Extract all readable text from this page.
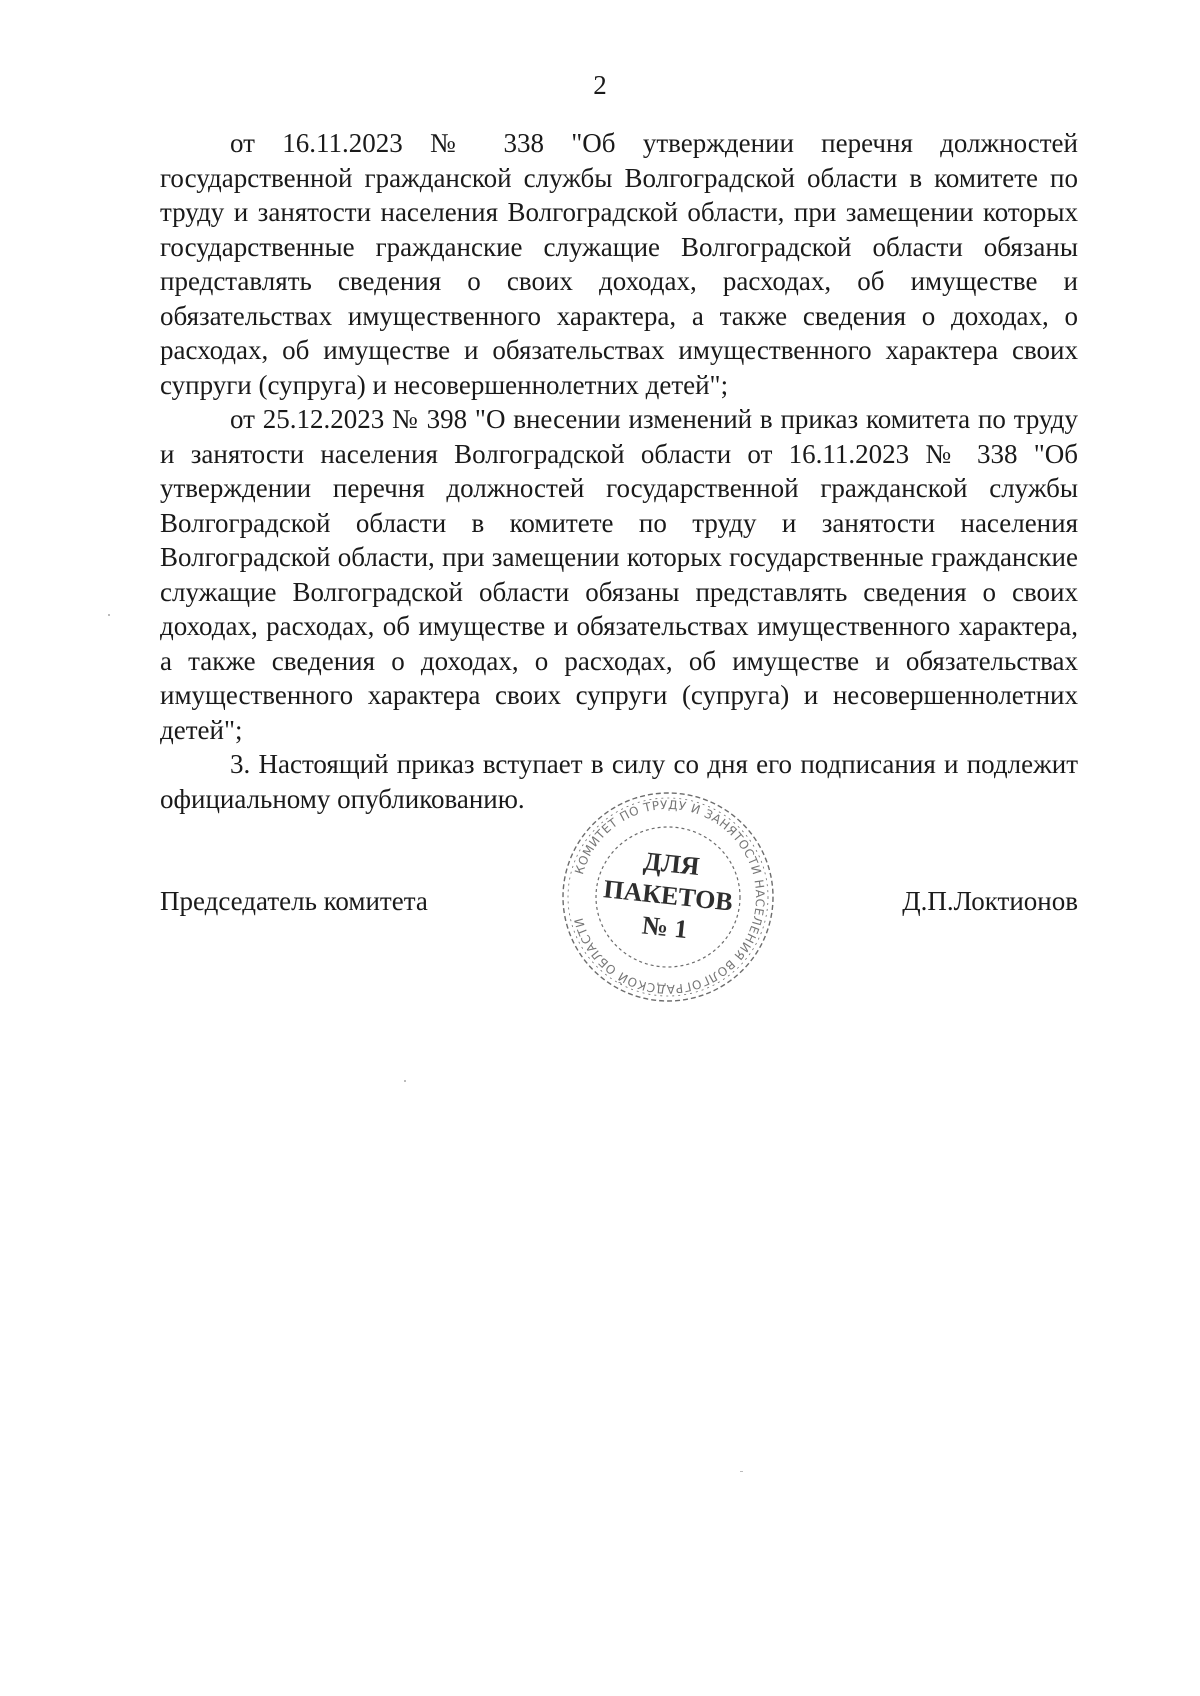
2

от 16.11.2023 № 338 "Об утверждении перечня должностей государственной гражданской службы Волгоградской области в комитете по труду и занятости населения Волгоградской области, при замещении которых государственные гражданские служащие Волгоградской области обязаны представлять сведения о своих доходах, расходах, об имуществе и обязательствах имущественного характера, а также сведения о доходах, о расходах, об имуществе и обязательствах имущественного характера своих супруги (супруга) и несовершеннолетних детей";

от 25.12.2023 № 398 "О внесении изменений в приказ комитета по труду и занятости населения Волгоградской области от 16.11.2023 № 338 "Об утверждении перечня должностей государственной гражданской службы Волгоградской области в комитете по труду и занятости населения Волгоградской области, при замещении которых государственные гражданские служащие Волгоградской области обязаны представлять сведения о своих доходах, расходах, об имуществе и обязательствах имущественного характера, а также сведения о доходах, о расходах, об имуществе и обязательствах имущественного характера своих супруги (супруга) и несовершеннолетних детей";

3. Настоящий приказ вступает в силу со дня его подписания и подлежит официальному опубликованию.

Председатель комитета	Д.П.Локтионов
КОМИТЕТ ПО ТРУДУ И ЗАНЯТОСТИ НАСЕЛЕНИЯ ВОЛГОГРАДСКОЙ ОБЛАСТИ
ДЛЯ
ПАКЕТОВ
№ 1
